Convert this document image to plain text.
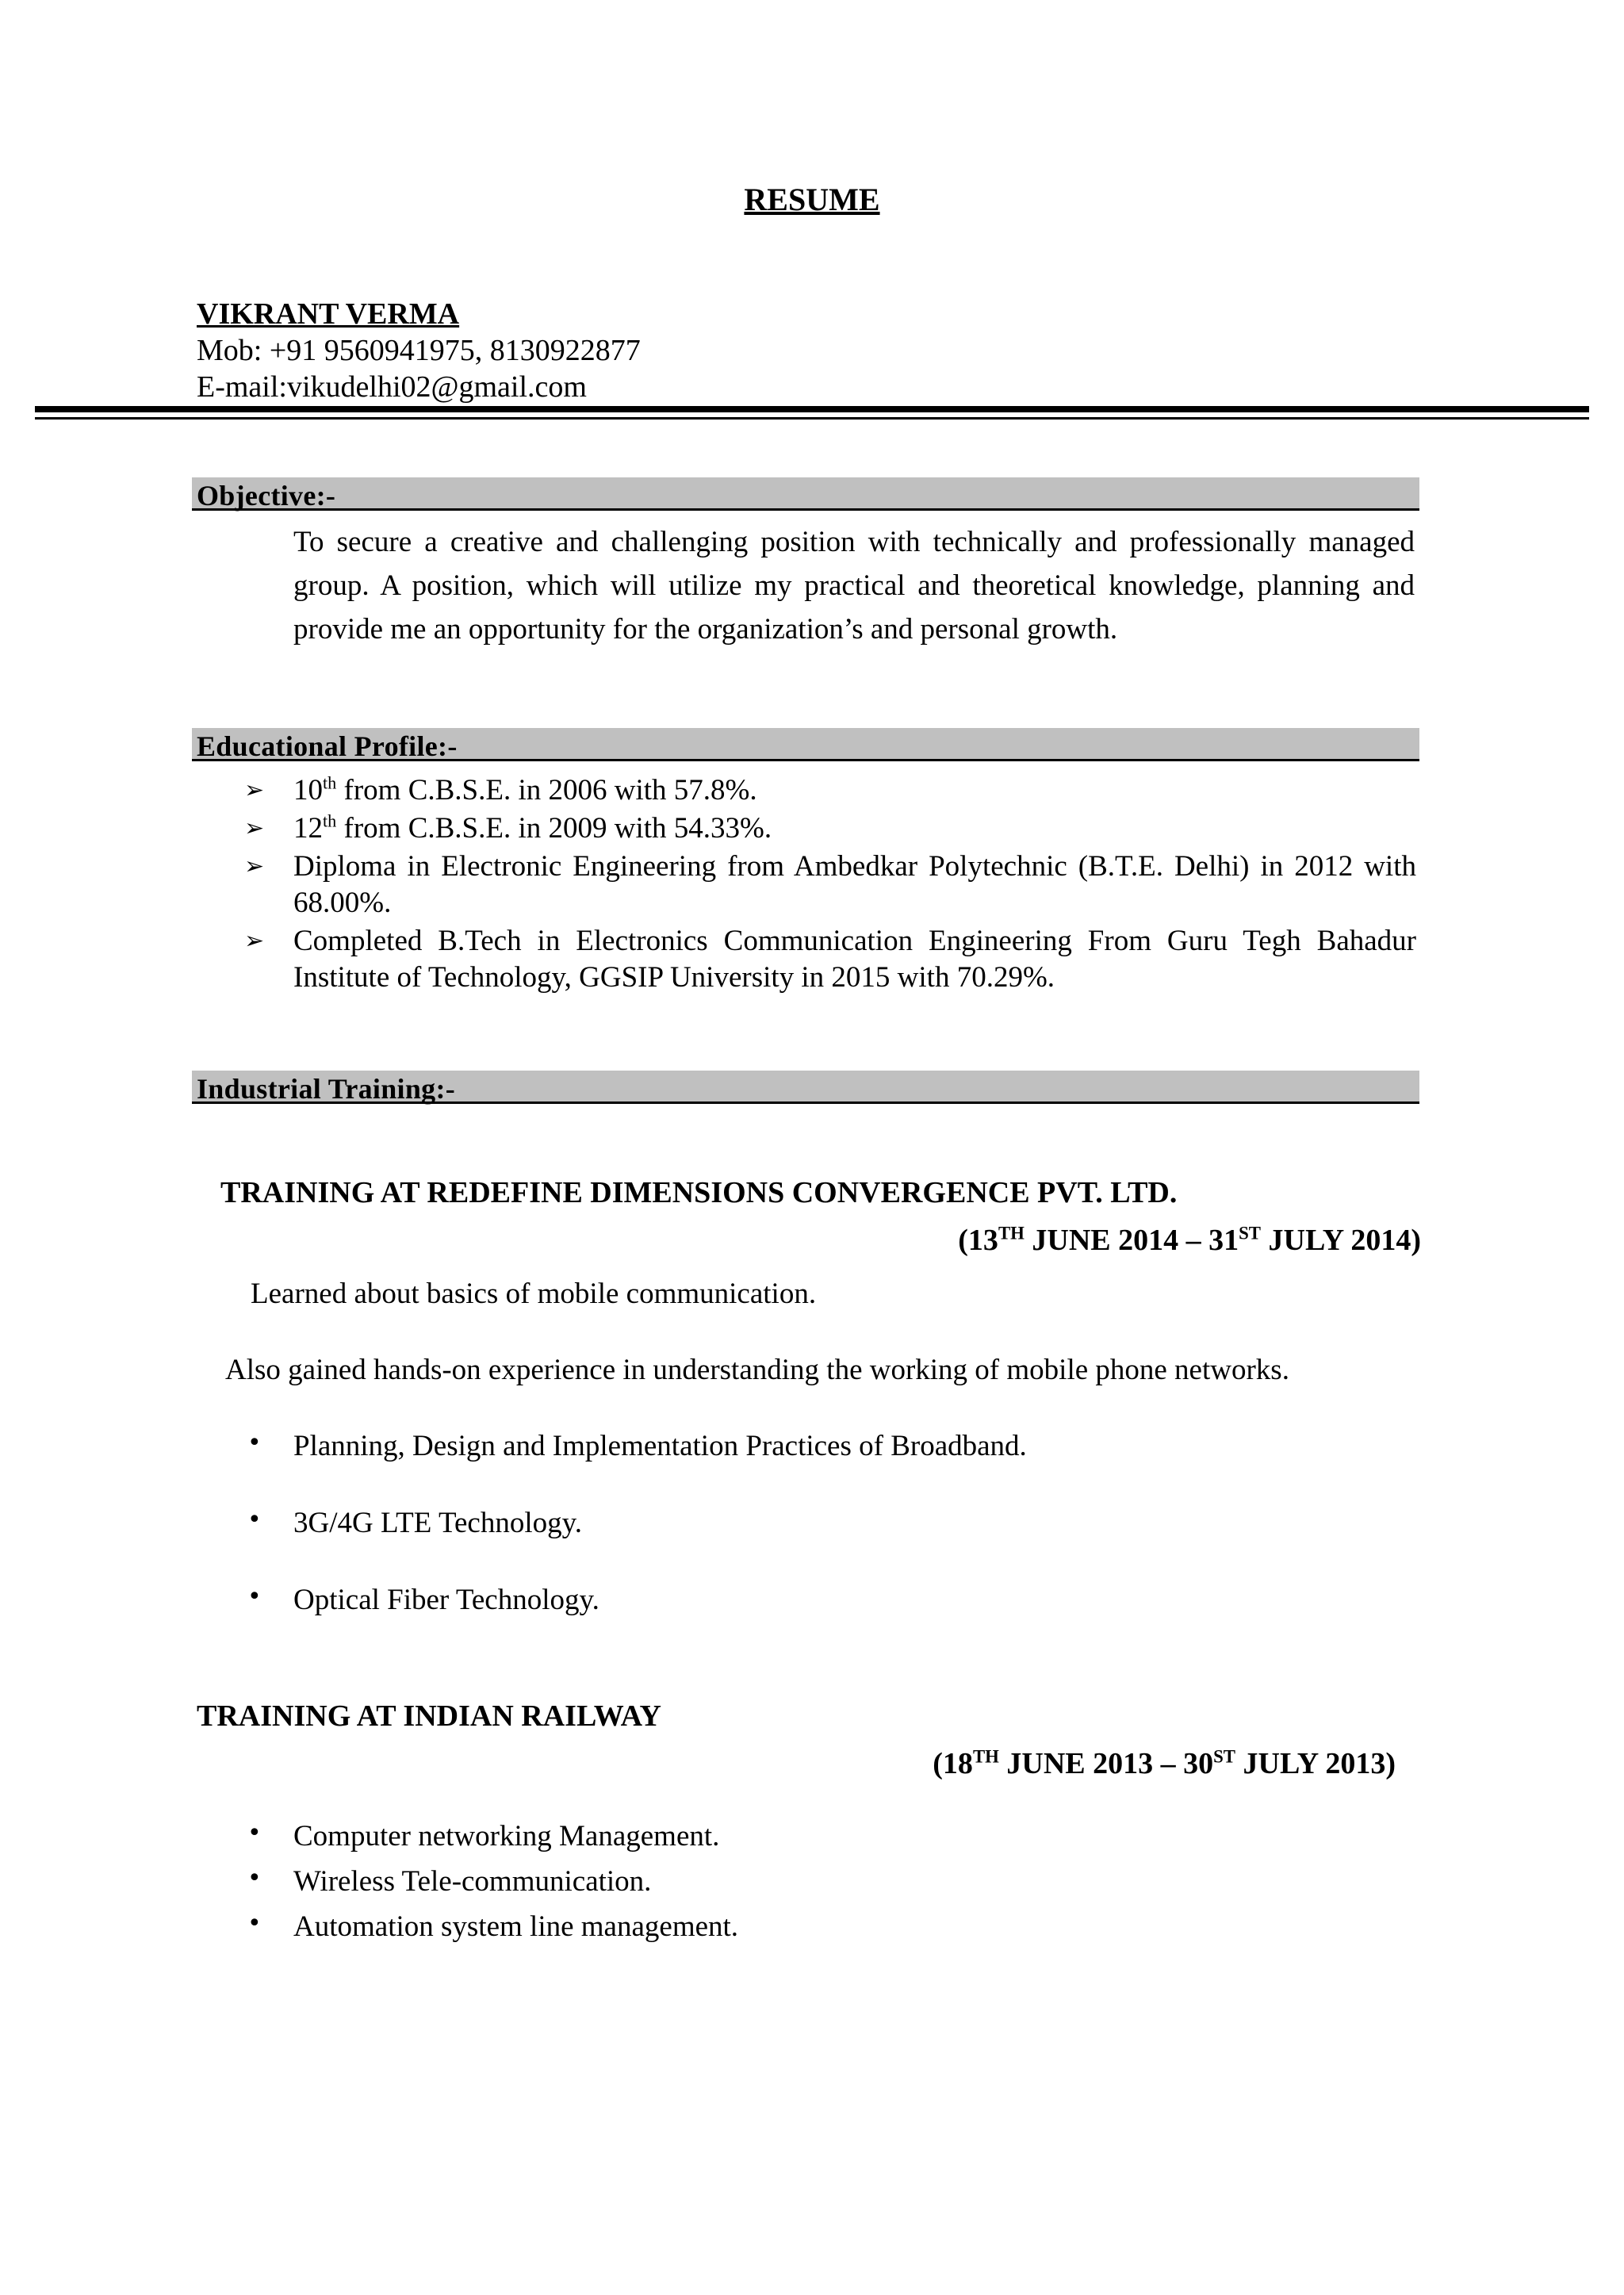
RESUME
VIKRANT VERMA
Mob: +91 9560941975, 8130922877
E-mail:vikudelhi02@gmail.com
Objective:-
To secure a creative and challenging position with technically and professionally managed group. A position, which will utilize my practical and theoretical knowledge, planning and provide me an opportunity for the organization’s and personal growth.
Educational Profile:-
➢ 10th from C.B.S.E. in 2006 with 57.8%.
➢ 12th from C.B.S.E. in 2009 with 54.33%.
➢ Diploma in Electronic Engineering from Ambedkar Polytechnic (B.T.E. Delhi) in 2012 with 68.00%.
➢ Completed B.Tech in Electronics Communication Engineering From Guru Tegh Bahadur Institute of Technology, GGSIP University in 2015 with 70.29%.
Industrial Training:-
TRAINING AT REDEFINE DIMENSIONS CONVERGENCE PVT. LTD.
(13TH JUNE 2014 – 31ST JULY 2014)
Learned about basics of mobile communication.
Also gained hands-on experience in understanding the working of mobile phone networks.
• Planning, Design and Implementation Practices of Broadband.
• 3G/4G LTE Technology.
• Optical Fiber Technology.
TRAINING AT INDIAN RAILWAY
(18TH JUNE 2013 – 30ST JULY 2013)
• Computer networking Management.
• Wireless Tele-communication.
• Automation system line management.
